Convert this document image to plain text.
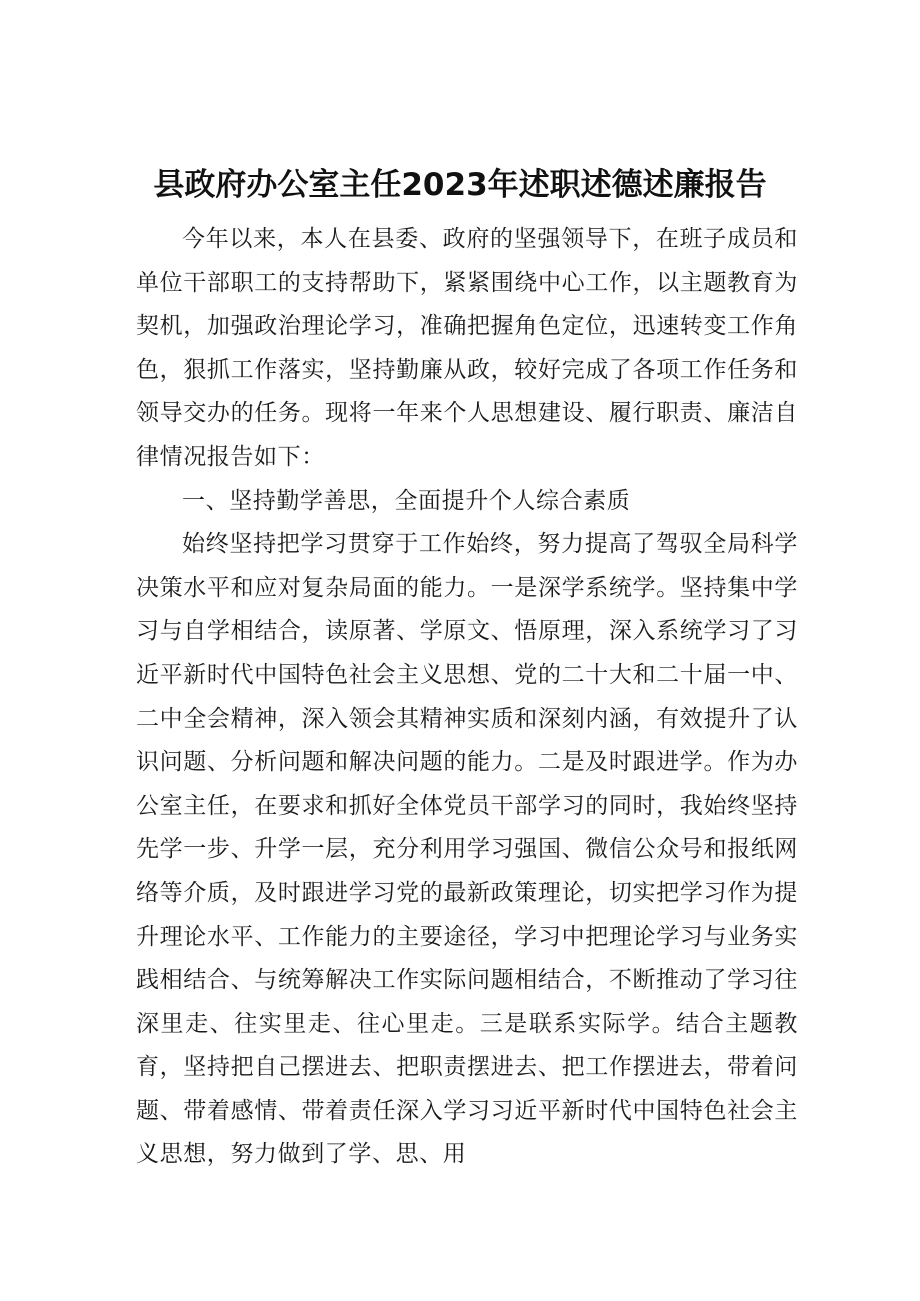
县政府办公室主任2023年述职述德述廉报告

今年以来，本人在县委、政府的坚强领导下，在班子成员和单位干部职工的支持帮助下，紧紧围绕中心工作，以主题教育为契机，加强政治理论学习，准确把握角色定位，迅速转变工作角色，狠抓工作落实，坚持勤廉从政，较好完成了各项工作任务和领导交办的任务。现将一年来个人思想建设、履行职责、廉洁自律情况报告如下：

一、坚持勤学善思，全面提升个人综合素质

始终坚持把学习贯穿于工作始终，努力提高了驾驭全局科学决策水平和应对复杂局面的能力。一是深学系统学。坚持集中学习与自学相结合，读原著、学原文、悟原理，深入系统学习了习近平新时代中国特色社会主义思想、党的二十大和二十届一中、二中全会精神，深入领会其精神实质和深刻内涵，有效提升了认识问题、分析问题和解决问题的能力。二是及时跟进学。作为办公室主任，在要求和抓好全体党员干部学习的同时，我始终坚持先学一步、升学一层，充分利用学习强国、微信公众号和报纸网络等介质，及时跟进学习党的最新政策理论，切实把学习作为提升理论水平、工作能力的主要途径，学习中把理论学习与业务实践相结合、与统筹解决工作实际问题相结合，不断推动了学习往深里走、往实里走、往心里走。三是联系实际学。结合主题教育，坚持把自己摆进去、把职责摆进去、把工作摆进去，带着问题、带着感情、带着责任深入学习习近平新时代中国特色社会主义思想，努力做到了学、思、用
